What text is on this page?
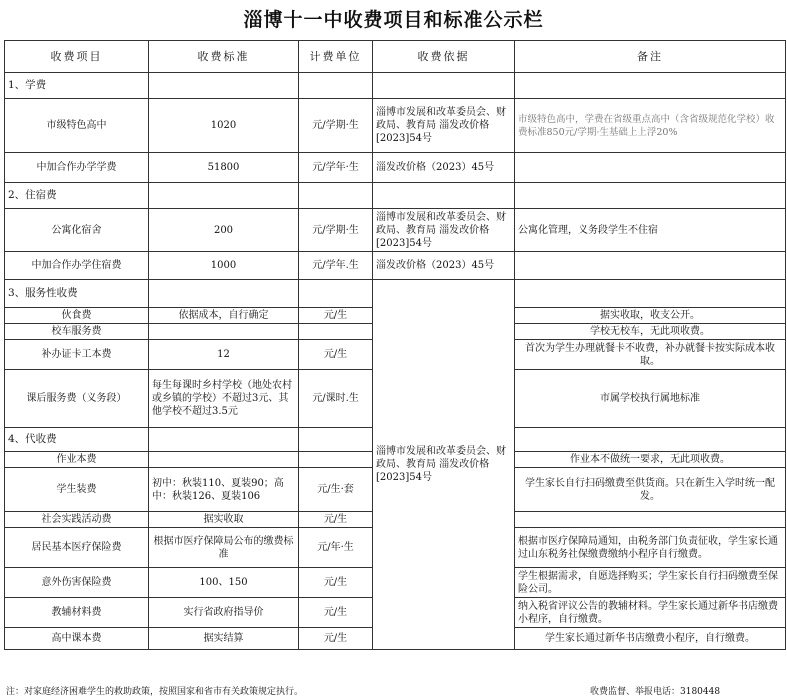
淄博十一中收费项目和标准公示栏
收费项目	收费标准	计费单位	收费依据	备注
1、学费				
市级特色高中	1020	元/学期·生	淄博市发展和改革委员会、财政局、教育局 淄发改价格[2023]54号	市级特色高中，学费在省级重点高中（含省级规范化学校）收费标准850元/学期·生基础上上浮20%
中加合作办学学费	51800	元/学年·生	淄发改价格（2023）45号	
2、住宿费				
公寓化宿舍	200	元/学期·生	淄博市发展和改革委员会、财政局、教育局 淄发改价格[2023]54号	公寓化管理，义务段学生不住宿
中加合作办学住宿费	1000	元/学年.生	淄发改价格（2023）45号	
3、服务性收费			淄博市发展和改革委员会、财政局、教育局 淄发改价格[2023]54号	
伙食费	依据成本，自行确定	元/生		据实收取，收支公开。
校车服务费				学校无校车，无此项收费。
补办证卡工本费	12	元/生		首次为学生办理就餐卡不收费，补办就餐卡按实际成本收取。
课后服务费（义务段）	每生每课时乡村学校（地处农村或乡镇的学校）不超过3元、其他学校不超过3.5元	元/课时.生		市属学校执行属地标准
4、代收费				
作业本费				作业本不做统一要求，无此项收费。
学生装费	初中：秋装110、夏装90；高中：秋装126、夏装106	元/生·套		学生家长自行扫码缴费至供货商。只在新生入学时统一配发。
社会实践活动费	据实收取	元/生		
居民基本医疗保险费	根据市医疗保障局公布的缴费标准	元/年·生		根据市医疗保障局通知，由税务部门负责征收，学生家长通过山东税务社保缴费缴纳小程序自行缴费。
意外伤害保险费	100、150	元/生		学生根据需求，自愿选择购买；学生家长自行扫码缴费至保险公司。
教辅材料费	实行省政府指导价	元/生		纳入税省评议公告的教辅材料。学生家长通过新华书店缴费小程序，自行缴费。
高中课本费	据实结算	元/生		学生家长通过新华书店缴费小程序，自行缴费。
注：对家庭经济困难学生的救助政策，按照国家和省市有关政策规定执行。	收费监督、举报电话：3180448
